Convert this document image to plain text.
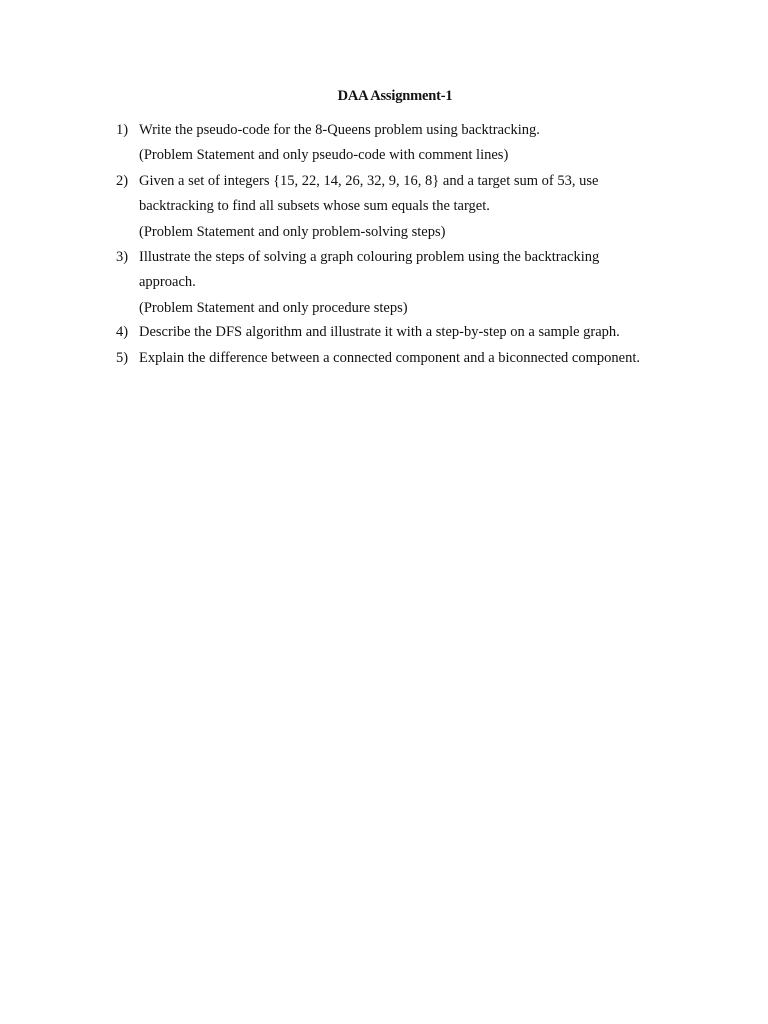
DAA Assignment-1
1) Write the pseudo-code for the 8-Queens problem using backtracking.
(Problem Statement and only pseudo-code with comment lines)
2) Given a set of integers {15, 22, 14, 26, 32, 9, 16, 8} and a target sum of 53, use
backtracking to find all subsets whose sum equals the target.
(Problem Statement and only problem-solving steps)
3) Illustrate the steps of solving a graph colouring problem using the backtracking
approach.
(Problem Statement and only procedure steps)
4) Describe the DFS algorithm and illustrate it with a step-by-step on a sample graph.
5) Explain the difference between a connected component and a biconnected component.
